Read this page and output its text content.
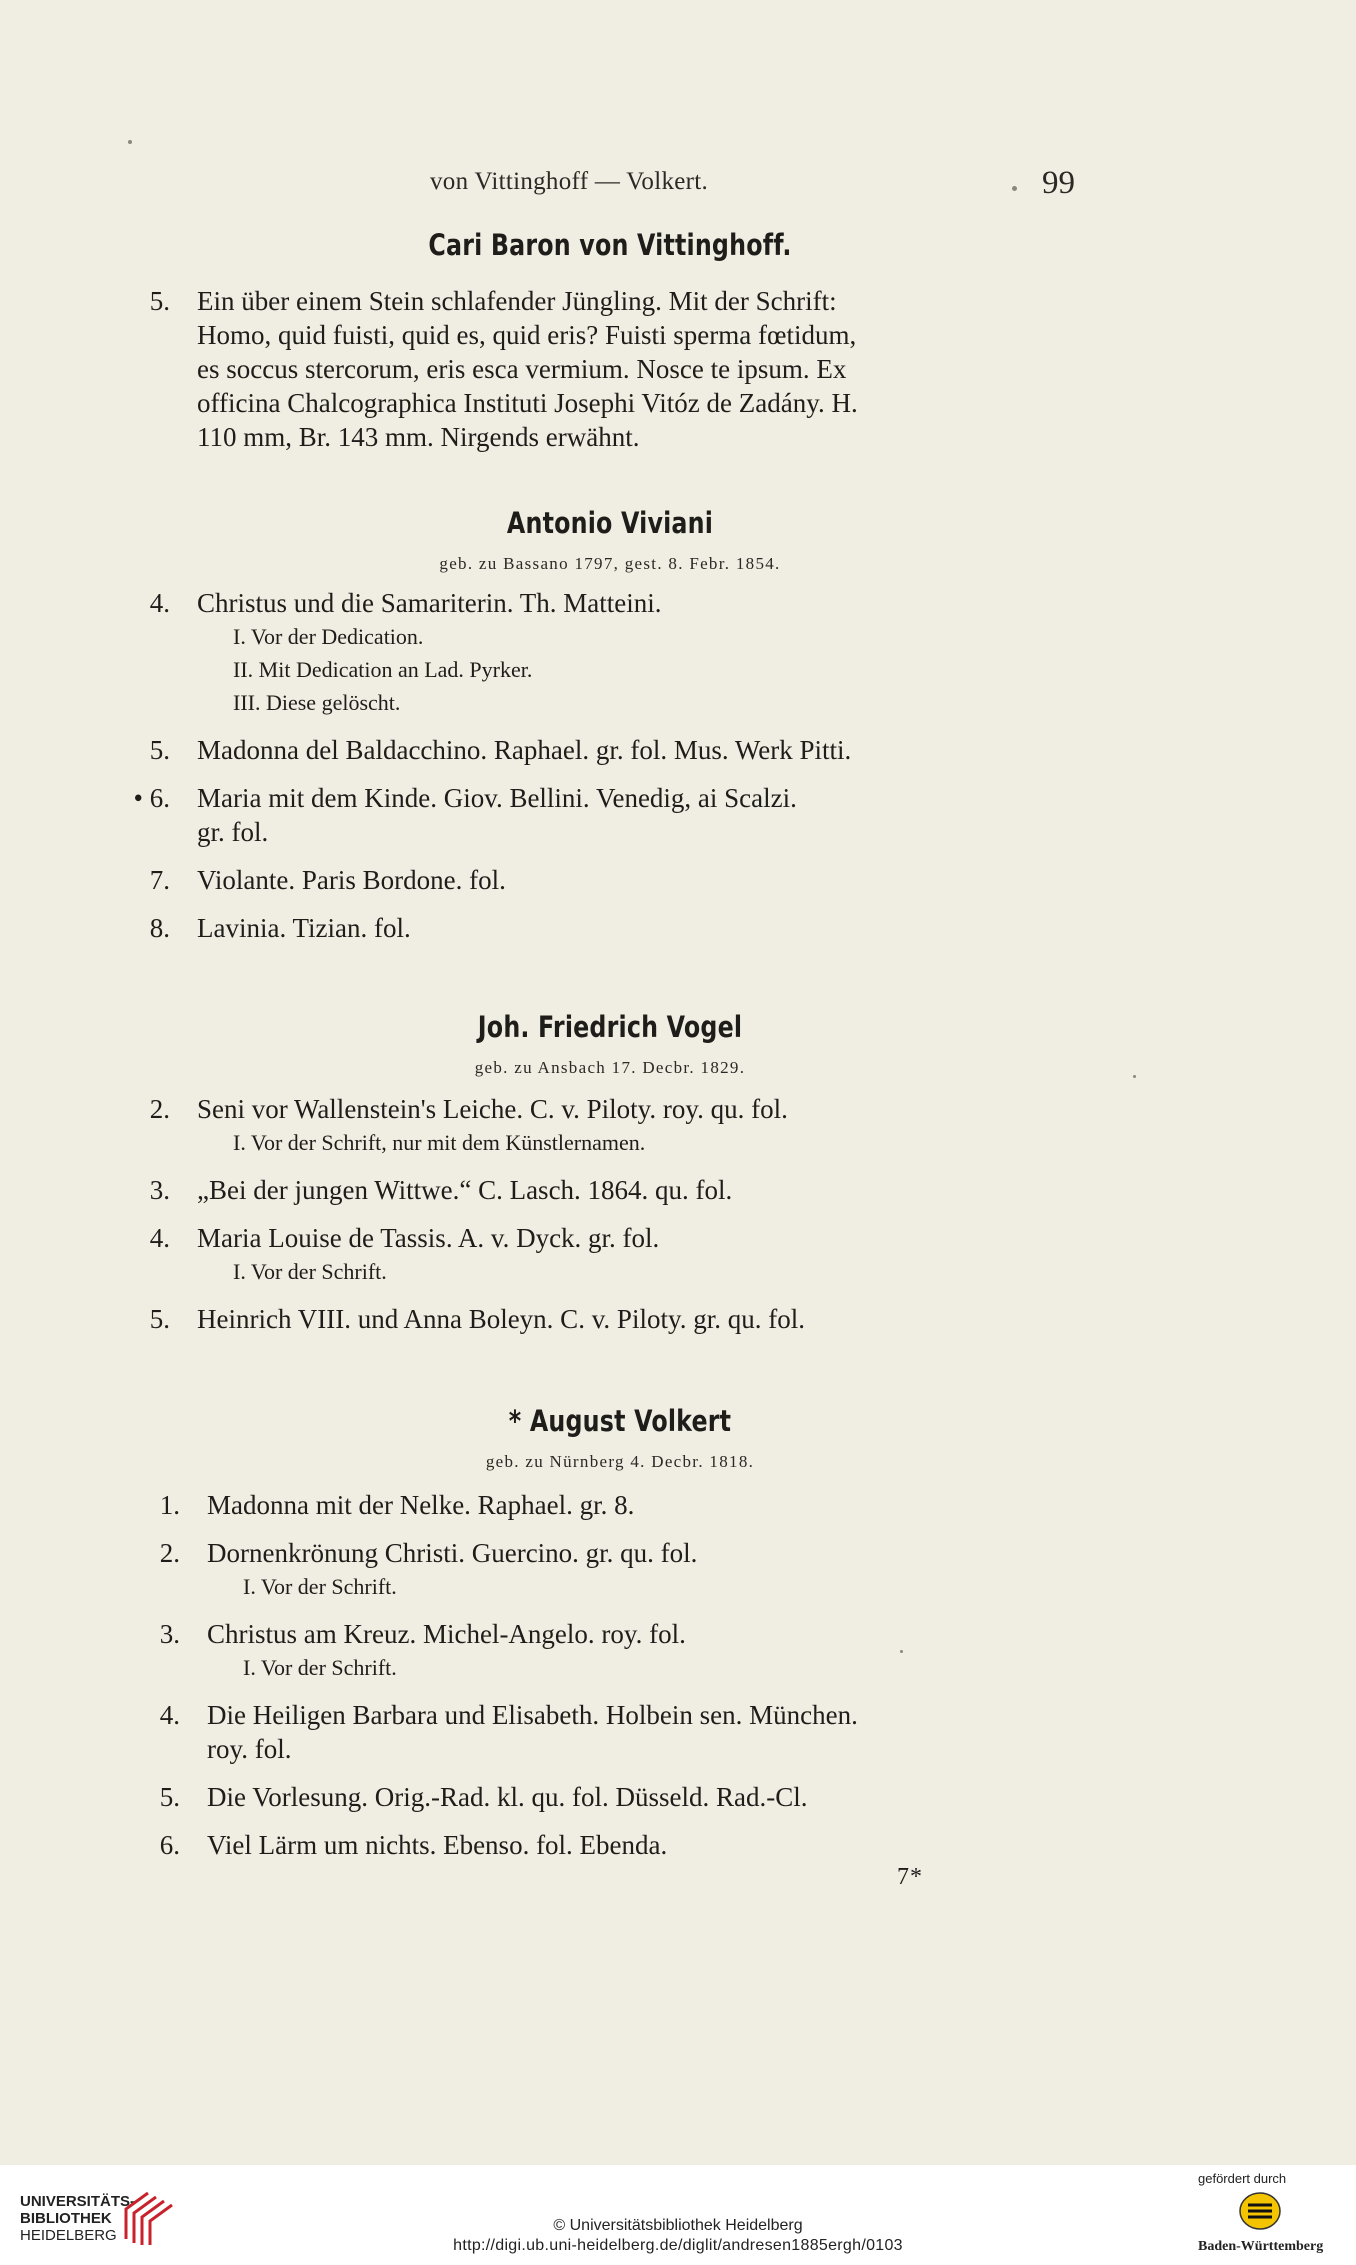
von Vittinghoff — Volkert.	99
Cari Baron von Vittinghoff.
5. Ein über einem Stein schlafender Jüngling. Mit der Schrift:
Homo, quid fuisti, quid es, quid eris? Fuisti sperma fœtidum,
es soccus stercorum, eris esca vermium. Nosce te ipsum. Ex
officina Chalcographica Instituti Josephi Vitóz de Zadány. H.
110 mm, Br. 143 mm. Nirgends erwähnt.
Antonio Viviani
geb. zu Bassano 1797, gest. 8. Febr. 1854.
4. Christus und die Samariterin. Th. Matteini.
I. Vor der Dedication.
II. Mit Dedication an Lad. Pyrker.
III. Diese gelöscht.
5. Madonna del Baldacchino. Raphael. gr. fol. Mus. Werk Pitti.
• 6. Maria mit dem Kinde. Giov. Bellini. Venedig, ai Scalzi.
gr. fol.
7. Violante. Paris Bordone. fol.
8. Lavinia. Tizian. fol.
Joh. Friedrich Vogel
geb. zu Ansbach 17. Decbr. 1829.
2. Seni vor Wallenstein's Leiche. C. v. Piloty. roy. qu. fol.
I. Vor der Schrift, nur mit dem Künstlernamen.
3. „Bei der jungen Wittwe.“ C. Lasch. 1864. qu. fol.
4. Maria Louise de Tassis. A. v. Dyck. gr. fol.
I. Vor der Schrift.
5. Heinrich VIII. und Anna Boleyn. C. v. Piloty. gr. qu. fol.
* August Volkert
geb. zu Nürnberg 4. Decbr. 1818.
1. Madonna mit der Nelke. Raphael. gr. 8.
2. Dornenkrönung Christi. Guercino. gr. qu. fol.
I. Vor der Schrift.
3. Christus am Kreuz. Michel-Angelo. roy. fol.
I. Vor der Schrift.
4. Die Heiligen Barbara und Elisabeth. Holbein sen. München.
roy. fol.
5. Die Vorlesung. Orig.-Rad. kl. qu. fol. Düsseld. Rad.-Cl.
6. Viel Lärm um nichts. Ebenso. fol. Ebenda.
7*
UNIVERSITÄTS-
BIBLIOTHEK
HEIDELBERG
© Universitätsbibliothek Heidelberg
http://digi.ub.uni-heidelberg.de/diglit/andresen1885ergh/0103
gefördert durch
Baden-Württemberg
